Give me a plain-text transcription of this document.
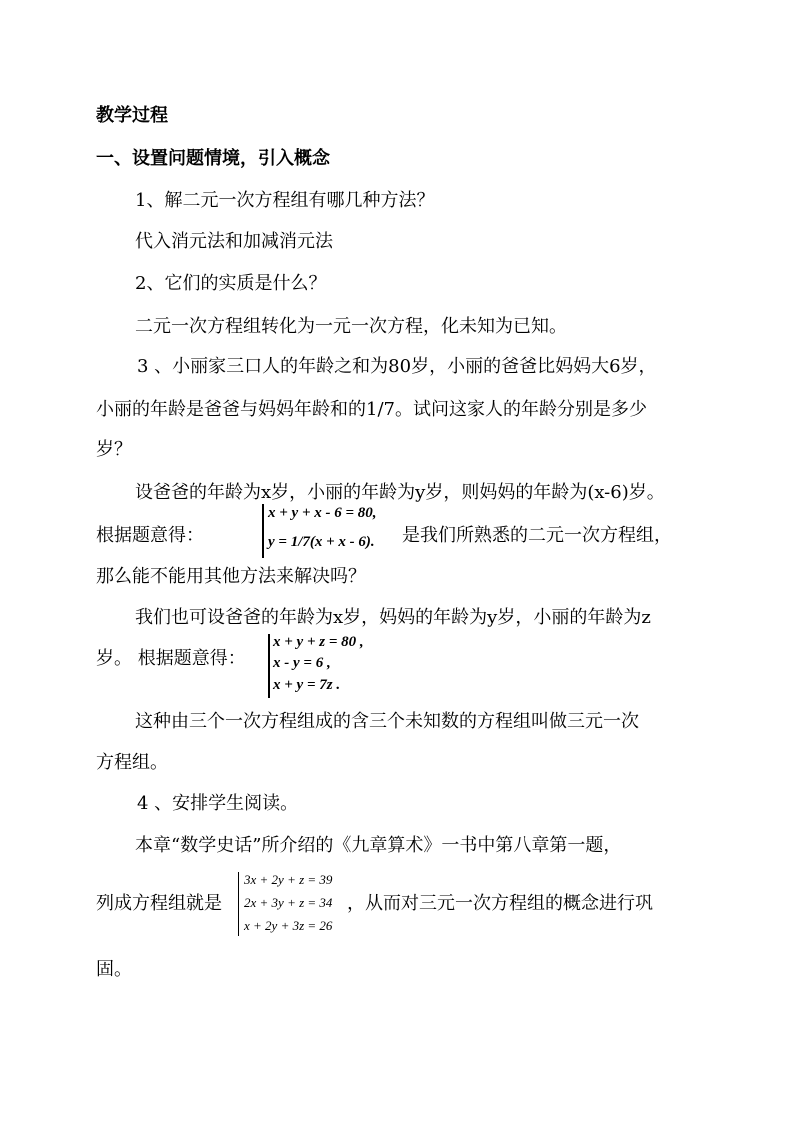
教学过程
一、设置问题情境，引入概念
1、解二元一次方程组有哪几种方法？
代入消元法和加减消元法
2、它们的实质是什么？
二元一次方程组转化为一元一次方程，化未知为已知。
3 、小丽家三口人的年龄之和为80岁，小丽的爸爸比妈妈大6岁，
小丽的年龄是爸爸与妈妈年龄和的1/7。试问这家人的年龄分别是多少
岁？
设爸爸的年龄为x岁，小丽的年龄为y岁，则妈妈的年龄为(x-6)岁。
根据题意得：
x + y + x - 6 = 80,
y = 1/7(x + x - 6). 是我们所熟悉的二元一次方程组，
那么能不能用其他方法来解决吗？
我们也可设爸爸的年龄为x岁，妈妈的年龄为y岁，小丽的年龄为z
岁。 根据题意得：
x + y + z = 80 ,
x - y = 6 ,
x + y = 7z .
这种由三个一次方程组成的含三个未知数的方程组叫做三元一次
方程组。
4 、安排学生阅读。
本章“数学史话”所介绍的《九章算术》一书中第八章第一题，
列成方程组就是
3x + 2y + z = 39
2x + 3y + z = 34
x + 2y + 3z = 26
，从而对三元一次方程组的概念进行巩
固。
